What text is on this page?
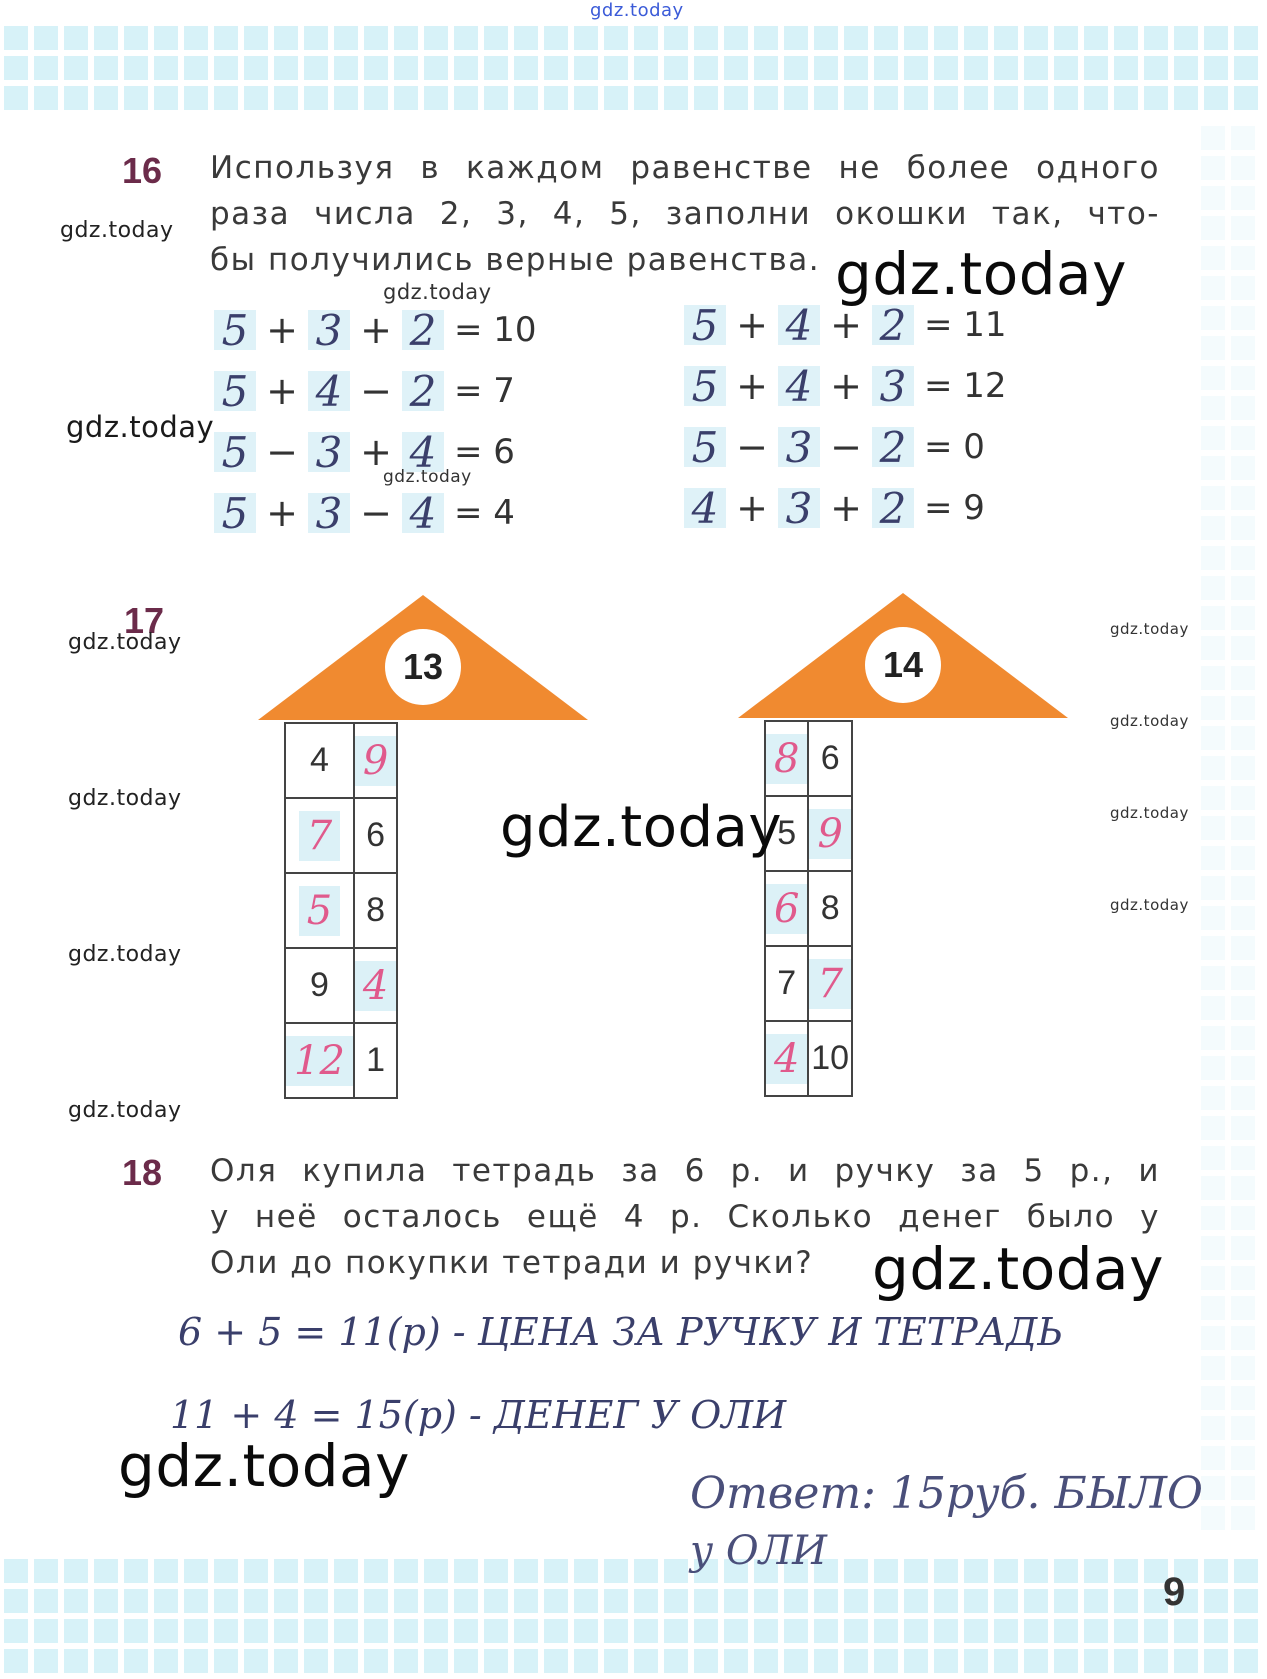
gdz.today
16 Используя в каждом равенстве не более одного
раза числа 2, 3, 4, 5, заполни окошки так, что-
бы получились верные равенства.
5 + 3 + 2 = 10
5 + 4 − 2 = 7
5 − 3 + 4 = 6
5 + 3 − 4 = 4
5 + 4 + 2 = 11
5 + 4 + 3 = 12
5 − 3 − 2 = 0
4 + 3 + 2 = 9
17
13
4	9
7	6
5	8
9	4
12	1
14
8	6
5	9
6	8
7	7
4	10
18 Оля купила тетрадь за 6 р. и ручку за 5 р., и
у неё осталось ещё 4 р. Сколько денег было у
Оли до покупки тетради и ручки?
6 + 5 = 11(р) - ЦЕНА ЗА РУЧКУ И ТЕТРАДЬ
11 + 4 = 15(р) - ДЕНЕГ У ОЛИ
Ответ: 15руб. БЫЛО
у ОЛИ
9
gdz.today
gdz.today
gdz.today
gdz.today
gdz.today
gdz.today
gdz.today
gdz.today
gdz.today
gdz.today
gdz.today
gdz.today
gdz.today
gdz.today
gdz.today
gdz.today
